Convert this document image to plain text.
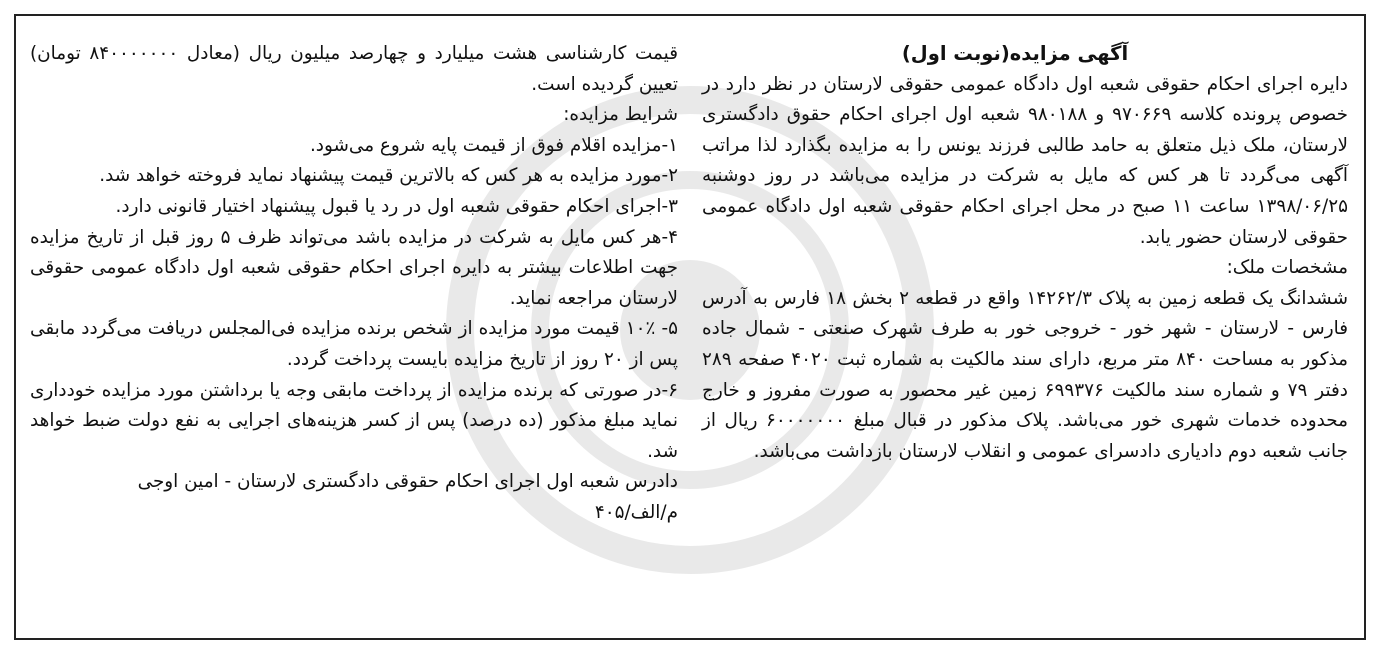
آگهی مزایده(نوبت اول)

دایره اجرای احکام حقوقی شعبه اول دادگاه عمومی حقوقی لارستان در نظر دارد در خصوص پرونده کلاسه ۹۷۰۶۶۹ و ۹۸۰۱۸۸ شعبه اول اجرای احکام حقوق دادگستری لارستان، ملک ذیل متعلق به حامد طالبی فرزند یونس را به مزایده بگذارد لذا مراتب آگهی می‌گردد تا هر کس که مایل به شرکت در مزایده می‌باشد در روز دوشنبه ۱۳۹۸/۰۶/۲۵ ساعت ۱۱ صبح در محل اجرای احکام حقوقی شعبه اول دادگاه عمومی حقوقی لارستان حضور یابد.

مشخصات ملک:

ششدانگ یک قطعه زمین به پلاک ۱۴۲۶۲/۳ واقع در قطعه ۲ بخش ۱۸ فارس به آدرس فارس - لارستان - شهر خور - خروجی خور به طرف شهرک صنعتی - شمال جاده مذکور به مساحت ۸۴۰ متر مربع، دارای سند مالکیت به شماره ثبت ۴۰۲۰ صفحه ۲۸۹ دفتر ۷۹ و شماره سند مالکیت ۶۹۹۳۷۶ زمین غیر محصور به صورت مفروز و خارج محدوده خدمات شهری خور می‌باشد. پلاک مذکور در قبال مبلغ ۶۰۰۰۰۰۰۰ ریال از جانب شعبه دوم دادیاری دادسرای عمومی و انقلاب لارستان بازداشت می‌باشد.

قیمت کارشناسی هشت میلیارد و چهارصد میلیون ریال (معادل ۸۴۰۰۰۰۰۰۰ تومان) تعیین گردیده است.

شرایط مزایده:

۱-مزایده اقلام فوق از قیمت پایه شروع می‌شود.

۲-مورد مزایده به هر کس که بالاترین قیمت پیشنهاد نماید فروخته خواهد شد.

۳-اجرای احکام حقوقی شعبه اول در رد یا قبول پیشنهاد اختیار قانونی دارد.

۴-هر کس مایل به شرکت در مزایده باشد می‌تواند ظرف ۵ روز قبل از تاریخ مزایده جهت اطلاعات بیشتر به دایره اجرای احکام حقوقی شعبه اول دادگاه عمومی حقوقی لارستان مراجعه نماید.

۵- ۱۰٪ قیمت مورد مزایده از شخص برنده مزایده فی‌المجلس دریافت می‌گردد مابقی پس از ۲۰ روز از تاریخ مزایده بایست پرداخت گردد.

۶-در صورتی که برنده مزایده از پرداخت مابقی وجه یا برداشتن مورد مزایده خودداری نماید مبلغ مذکور (ده درصد) پس از کسر هزینه‌های اجرایی به نفع دولت ضبط خواهد شد.

دادرس شعبه اول اجرای احکام حقوقی دادگستری لارستان - امین اوجی

م/الف/۴۰۵
